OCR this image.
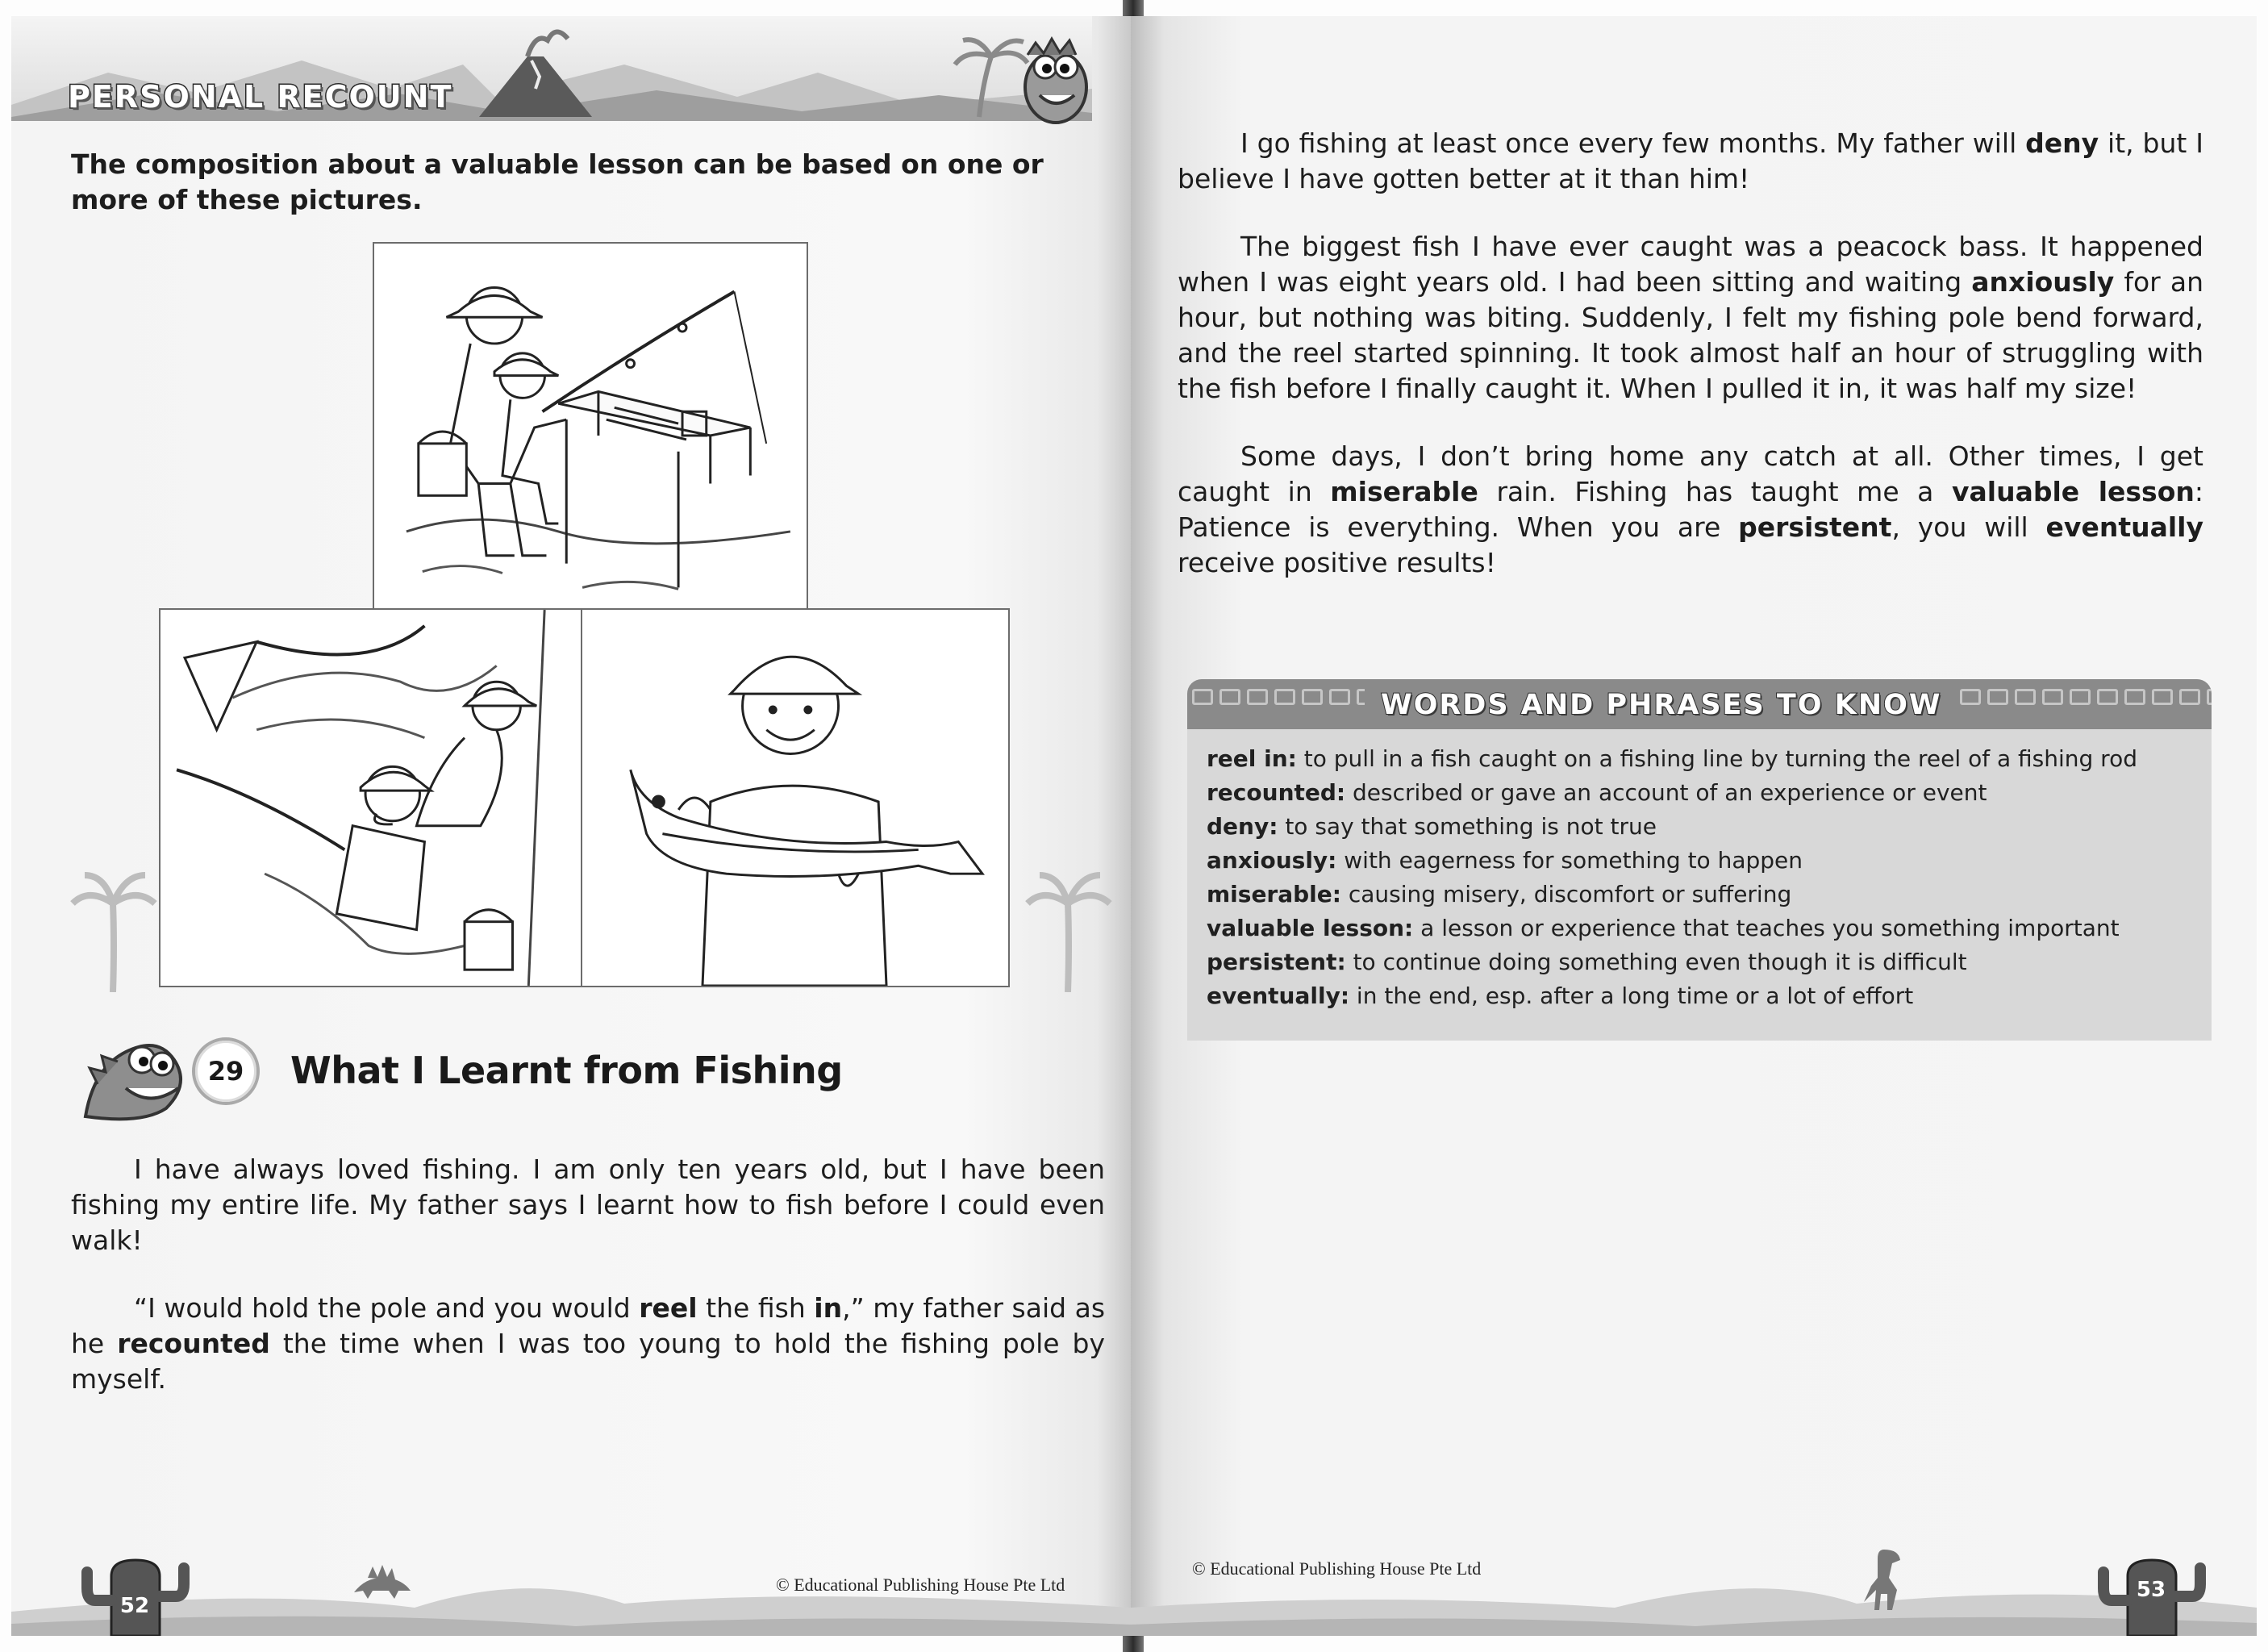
PERSONAL RECOUNT
The composition about a valuable lesson can be based on one or more of these pictures.
29	What I Learnt from Fishing

I have always loved fishing. I am only ten years old, but I have been fishing my entire life. My father says I learnt how to fish before I could even walk!

“I would hold the pole and you would reel the fish in,” my father said as he recounted the time when I was too young to hold the fishing pole by myself.

52
© Educational Publishing House Pte Ltd

I go fishing at least once every few months. My father will deny it, but I believe I have gotten better at it than him!

The biggest fish I have ever caught was a peacock bass. It happened when I was eight years old. I had been sitting and waiting anxiously for an hour, but nothing was biting. Suddenly, I felt my fishing pole bend forward, and the reel started spinning. It took almost half an hour of struggling with the fish before I finally caught it. When I pulled it in, it was half my size!

Some days, I don’t bring home any catch at all. Other times, I get caught in miserable rain. Fishing has taught me a valuable lesson: Patience is everything. When you are persistent, you will eventually receive positive results!

WORDS AND PHRASES TO KNOW
reel in: to pull in a fish caught on a fishing line by turning the reel of a fishing rod
recounted: described or gave an account of an experience or event
deny: to say that something is not true
anxiously: with eagerness for something to happen
miserable: causing misery, discomfort or suffering
valuable lesson: a lesson or experience that teaches you something important
persistent: to continue doing something even though it is difficult
eventually: in the end, esp. after a long time or a lot of effort
© Educational Publishing House Pte Ltd
53
